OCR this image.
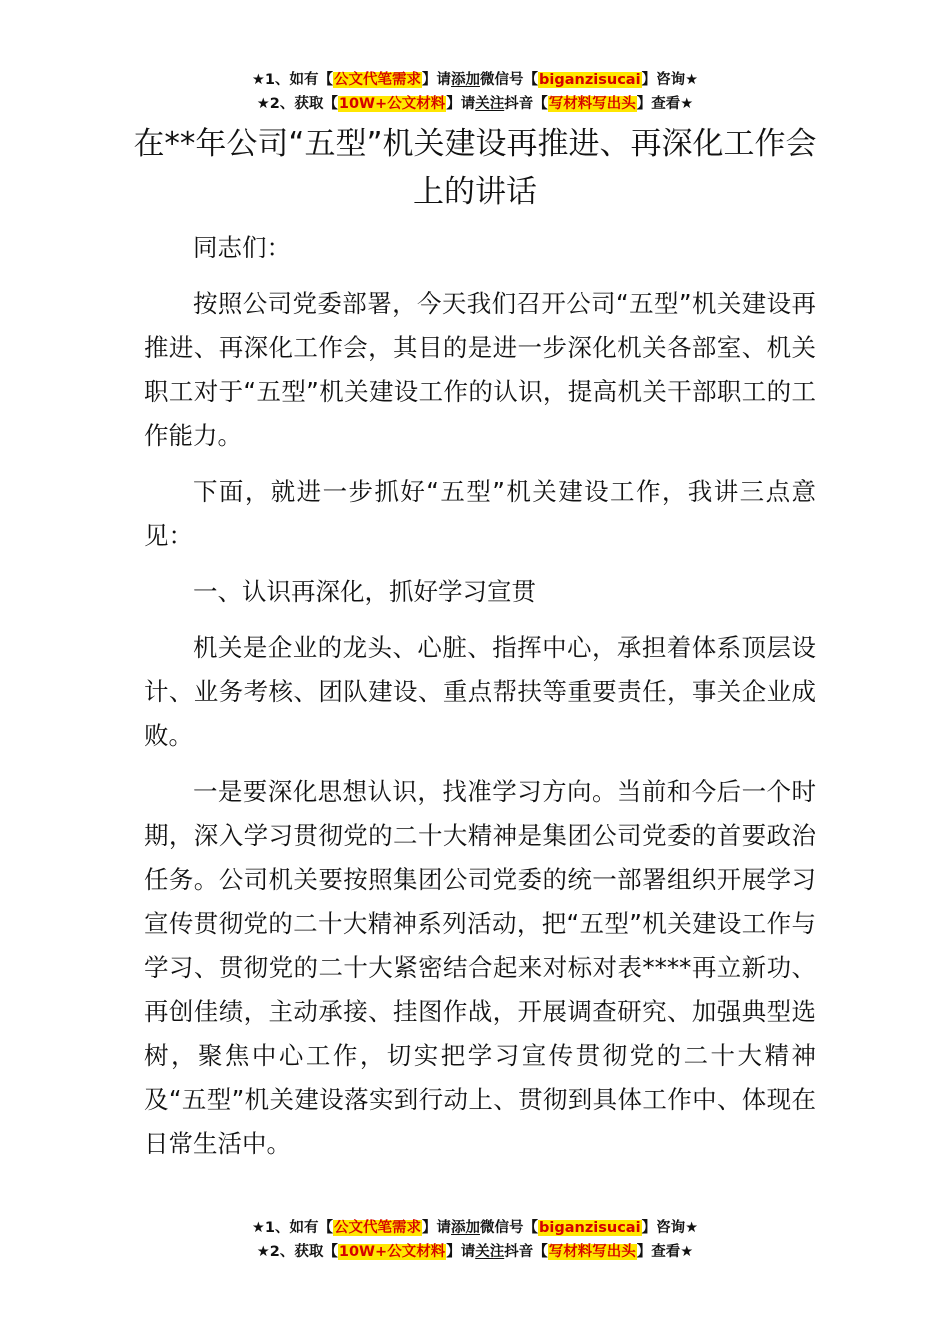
★1、如有【公文代笔需求】请添加微信号【biganzisucai】咨询★
★2、获取【10W+公文材料】请关注抖音【写材料写出头】查看★
在**年公司“五型”机关建设再推进、再深化工作会上的讲话

同志们：

按照公司党委部署，今天我们召开公司“五型”机关建设再推进、再深化工作会，其目的是进一步深化机关各部室、机关职工对于“五型”机关建设工作的认识，提高机关干部职工的工作能力。

下面，就进一步抓好“五型”机关建设工作，我讲三点意见：

一、认识再深化，抓好学习宣贯

机关是企业的龙头、心脏、指挥中心，承担着体系顶层设计、业务考核、团队建设、重点帮扶等重要责任，事关企业成败。

一是要深化思想认识，找准学习方向。当前和今后一个时期，深入学习贯彻党的二十大精神是集团公司党委的首要政治任务。公司机关要按照集团公司党委的统一部署组织开展学习宣传贯彻党的二十大精神系列活动，把“五型”机关建设工作与学习、贯彻党的二十大紧密结合起来对标对表****再立新功、再创佳绩，主动承接、挂图作战，开展调查研究、加强典型选树，聚焦中心工作，切实把学习宣传贯彻党的二十大精神及“五型”机关建设落实到行动上、贯彻到具体工作中、体现在日常生活中。

★1、如有【公文代笔需求】请添加微信号【biganzisucai】咨询★
★2、获取【10W+公文材料】请关注抖音【写材料写出头】查看★
